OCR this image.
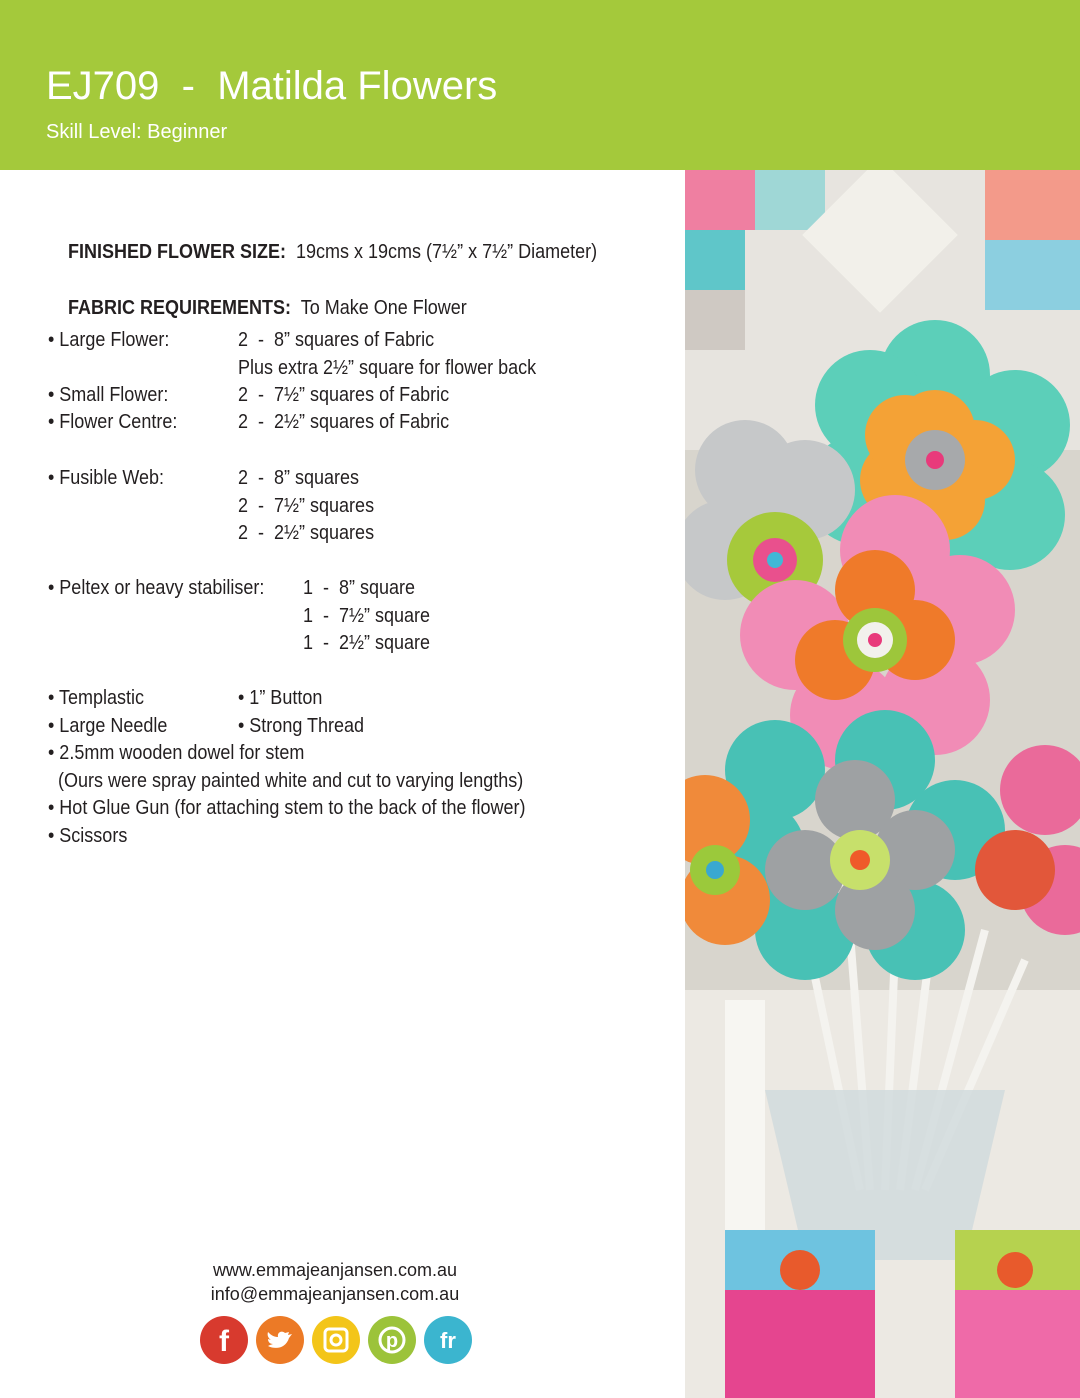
EJ709  -  Matilda Flowers
Skill Level: Beginner

FINISHED FLOWER SIZE: 19cms x 19cms (7½” x 7½” Diameter)

FABRIC REQUIREMENTS: To Make One Flower

• Large Flower:	2  -  8” squares of Fabric
Plus extra 2½” square for flower back
• Small Flower:	2  -  7½” squares of Fabric
• Flower Centre:	2  -  2½” squares of Fabric
• Fusible Web:	2  -  8” squares
2  -  7½” squares
2  -  2½” squares
• Peltex or heavy stabiliser: 1  -  8” square
1  -  7½” square
1  -  2½” square
• Templastic	• 1” Button
• Large Needle	• Strong Thread
• 2.5mm wooden dowel for stem
(Ours were spray painted white and cut to varying lengths)
• Hot Glue Gun (for attaching stem to the back of the flower)
• Scissors
www.emmajeanjansen.com.au
info@emmajeanjansen.com.au
f	p fr
